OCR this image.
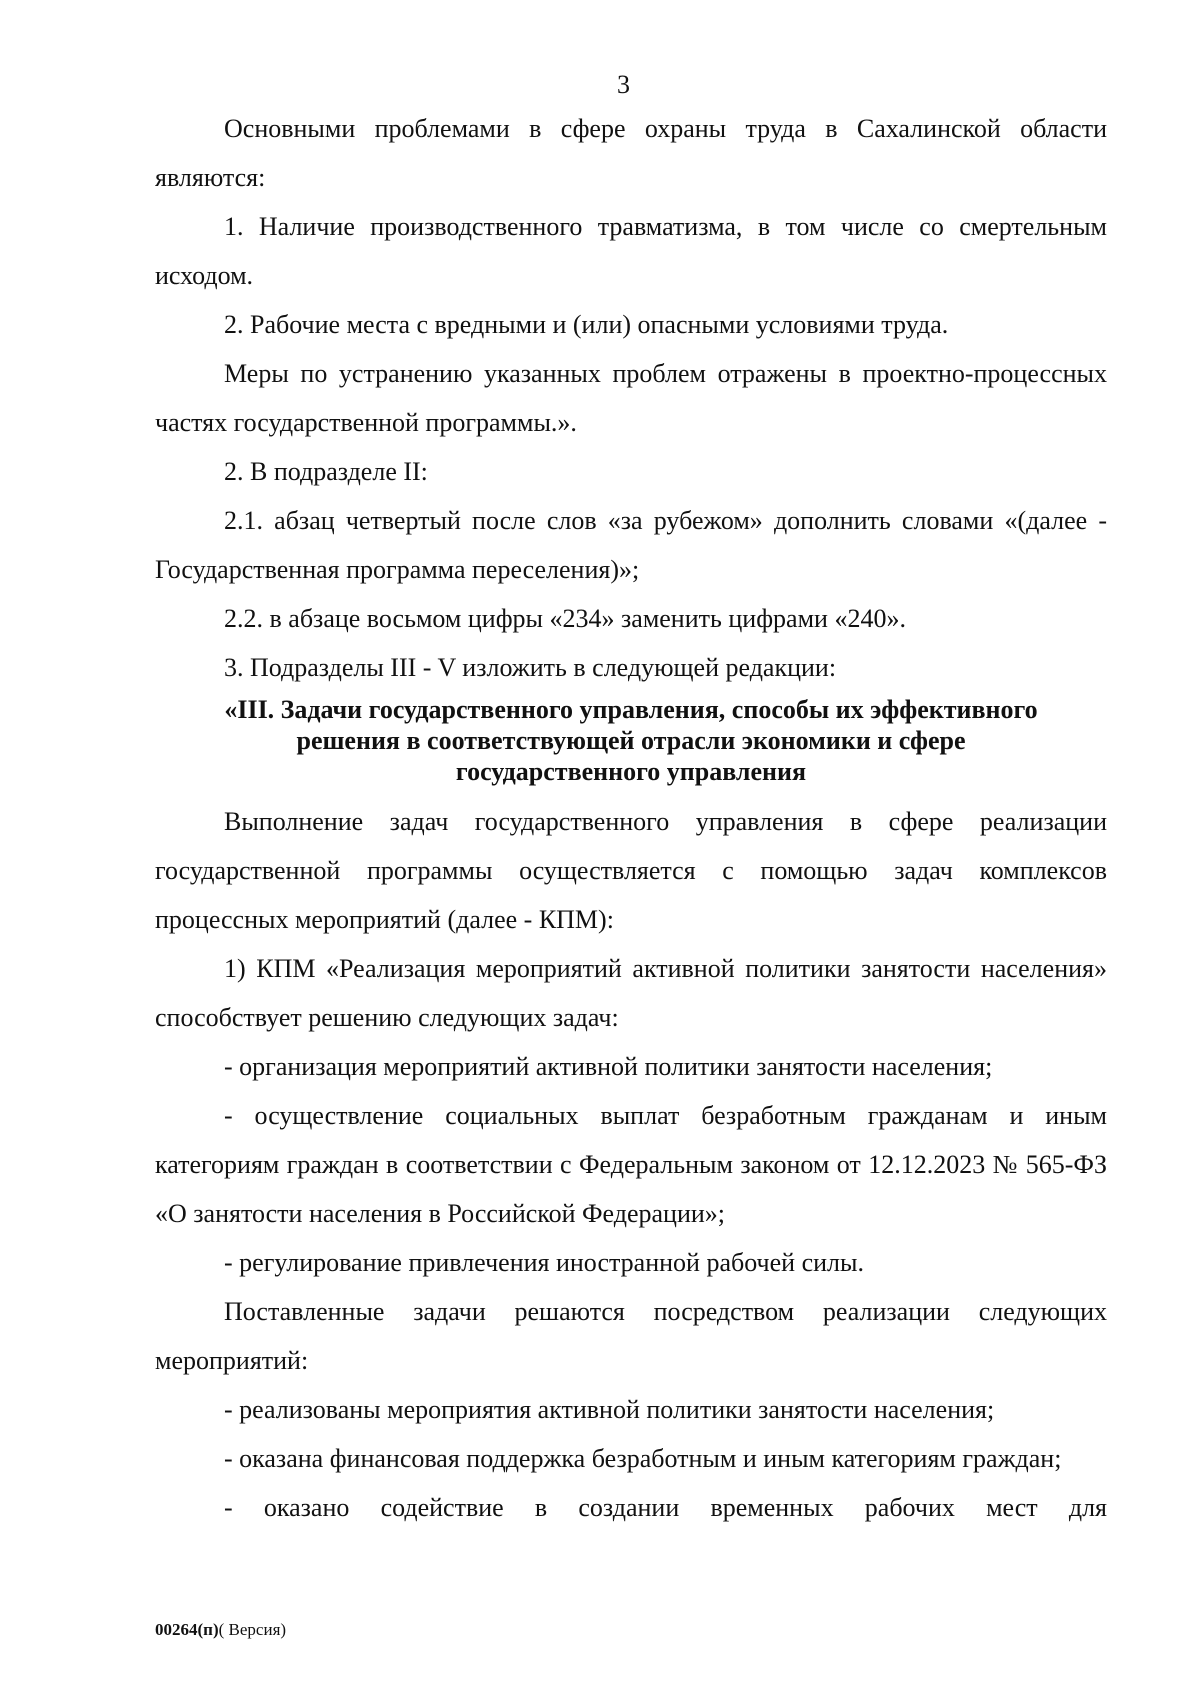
3

Основными проблемами в сфере охраны труда в Сахалинской области являются:

1. Наличие производственного травматизма, в том числе со смертельным исходом.

2. Рабочие места с вредными и (или) опасными условиями труда.

Меры по устранению указанных проблем отражены в проектно-процессных частях государственной программы.».

2. В подразделе II:

2.1. абзац четвертый после слов «за рубежом» дополнить словами «(далее - Государственная программа переселения)»;

2.2. в абзаце восьмом цифры «234» заменить цифрами «240».

3. Подразделы III - V изложить в следующей редакции:

«III. Задачи государственного управления, способы их эффективного
решения в соответствующей отрасли экономики и сфере
государственного управления

Выполнение задач государственного управления в сфере реализации государственной программы осуществляется с помощью задач комплексов процессных мероприятий (далее - КПМ):

1) КПМ «Реализация мероприятий активной политики занятости населения» способствует решению следующих задач:

- организация мероприятий активной политики занятости населения;

- осуществление социальных выплат безработным гражданам и иным категориям граждан в соответствии с Федеральным законом от 12.12.2023 № 565-ФЗ «О занятости населения в Российской Федерации»;

- регулирование привлечения иностранной рабочей силы.

Поставленные задачи решаются посредством реализации следующих мероприятий:

- реализованы мероприятия активной политики занятости населения;

- оказана финансовая поддержка безработным и иным категориям граждан;

- оказано содействие в создании временных рабочих мест для

00264(п)( Версия)
